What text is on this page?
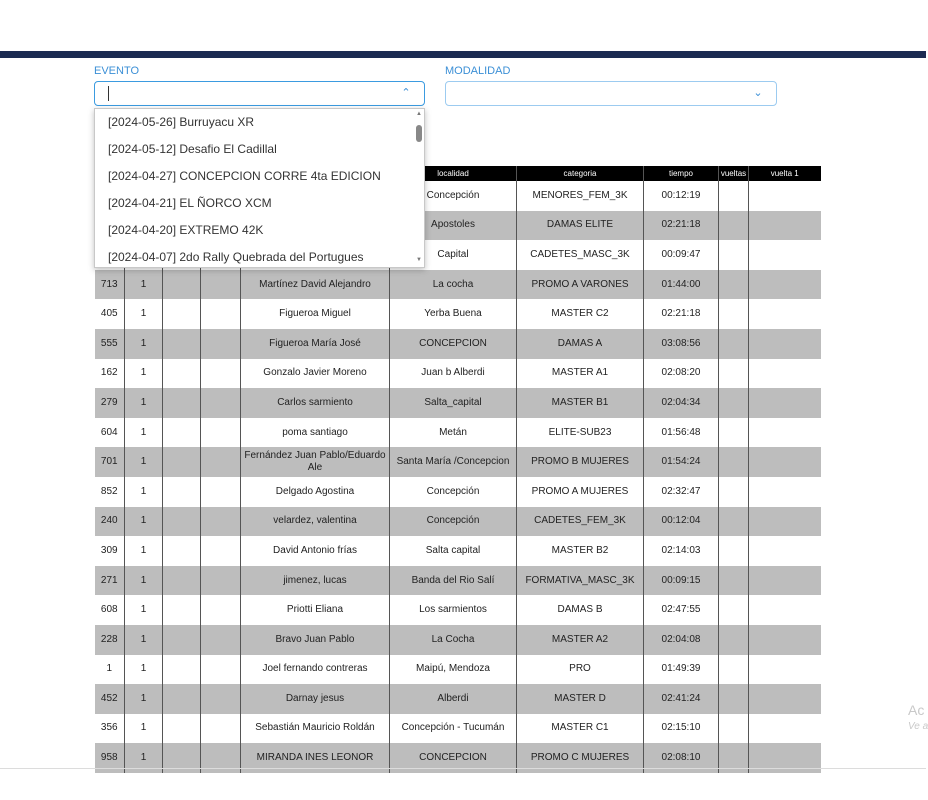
EVENTO
⌃
MODALIDAD
⌄
[2024-05-26] Burruyacu XR
[2024-05-12] Desafio El Cadillal
[2024-04-27] CONCEPCION CORRE 4ta EDICION
[2024-04-21] EL ÑORCO XCM
[2024-04-20] EXTREMO 42K
[2024-04-07] 2do Rally Quebrada del Portugues
▲
▼
					localidad	categoria	tiempo	vueltas	vuelta 1
					Concepción	MENORES_FEM_3K	00:12:19		
					Apostoles	DAMAS ELITE	02:21:18		
					Capital	CADETES_MASC_3K	00:09:47		
713	1			Martínez David Alejandro	La cocha	PROMO A VARONES	01:44:00		
405	1			Figueroa Miguel	Yerba Buena	MASTER C2	02:21:18		
555	1			Figueroa María José	CONCEPCION	DAMAS A	03:08:56		
162	1			Gonzalo Javier Moreno	Juan b Alberdi	MASTER A1	02:08:20		
279	1			Carlos sarmiento	Salta_capital	MASTER B1	02:04:34		
604	1			poma santiago	Metán	ELITE-SUB23	01:56:48		
701	1			Fernández Juan Pablo/Eduardo Ale	Santa María /Concepcion	PROMO B MUJERES	01:54:24		
852	1			Delgado Agostina	Concepción	PROMO A MUJERES	02:32:47		
240	1			velardez, valentina	Concepción	CADETES_FEM_3K	00:12:04		
309	1			David Antonio frías	Salta capital	MASTER B2	02:14:03		
271	1			jimenez, lucas	Banda del Rio Salí	FORMATIVA_MASC_3K	00:09:15		
608	1			Priotti Eliana	Los sarmientos	DAMAS B	02:47:55		
228	1			Bravo Juan Pablo	La Cocha	MASTER A2	02:04:08		
1	1			Joel fernando contreras	Maipú, Mendoza	PRO	01:49:39		
452	1			Darnay jesus	Alberdi	MASTER D	02:41:24		
356	1			Sebastián Mauricio Roldán	Concepción - Tucumán	MASTER C1	02:15:10		
958	1			MIRANDA INES LEONOR	CONCEPCION	PROMO C MUJERES	02:08:10		
Ac
Ve a
